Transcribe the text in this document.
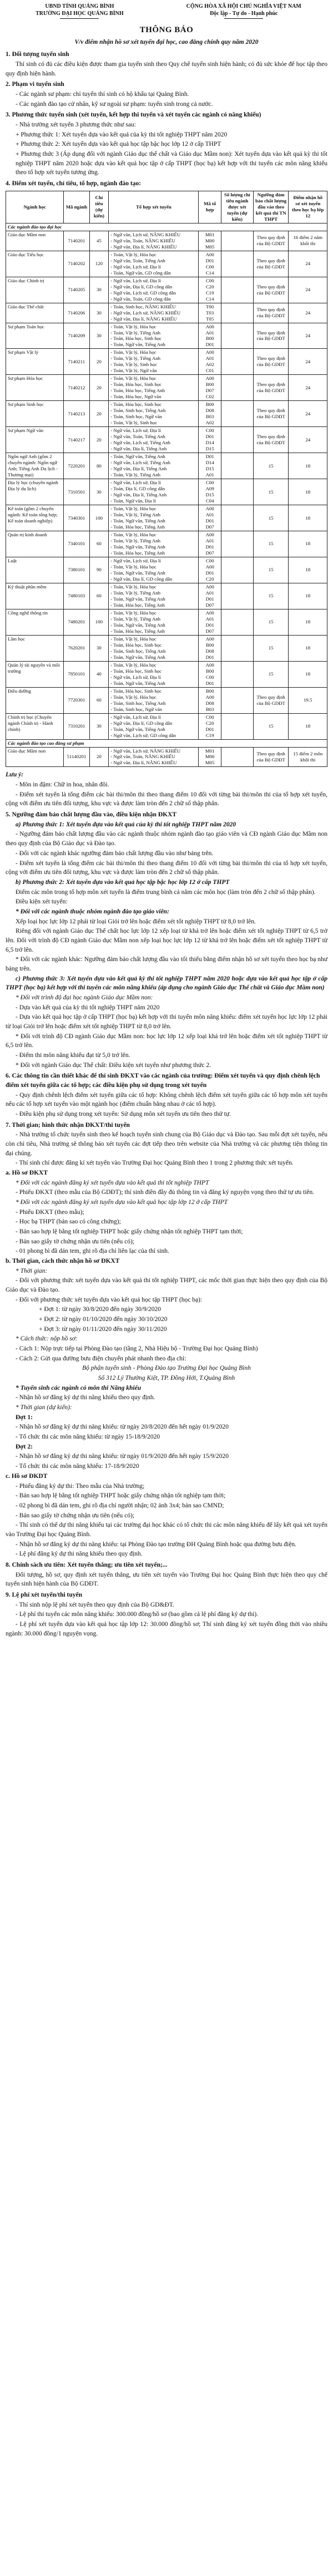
UBND TỈNH QUẢNG BÌNH
TRƯỜNG ĐẠI HỌC QUẢNG BÌNH
CỘNG HÒA XÃ HỘI CHỦ NGHĨA VIỆT NAM
Độc lập - Tự do - Hạnh phúc
THÔNG BÁO
V/v điểm nhận hồ sơ xét tuyển đại học, cao đẳng chính quy năm 2020
1. Đối tượng tuyển sinh

Thí sinh có đủ các điều kiện được tham gia tuyển sinh theo Quy chế tuyển sinh hiện hành; có đủ sức khỏe để học tập theo quy định hiện hành.

2. Phạm vi tuyển sinh

- Các ngành sư phạm: chỉ tuyển thí sinh có hộ khẩu tại Quảng Bình.

- Các ngành đào tạo cử nhân, kỹ sư ngoài sư phạm: tuyển sinh trong cả nước.

3. Phương thức tuyển sinh (xét tuyển, kết hợp thi tuyển và xét tuyển các ngành có năng khiếu)

- Nhà trường xét tuyển 3 phương thức như sau:

+ Phương thức 1: Xét tuyển dựa vào kết quả của kỳ thi tốt nghiệp THPT năm 2020

+ Phương thức 2: Xét tuyển dựa vào kết quả học tập bậc học lớp 12 ở cấp THPT

+ Phương thức 3 (Áp dụng đối với ngành Giáo dục thể chất và Giáo dục Mầm non): Xét tuyển dựa vào kết quả kỳ thi tốt nghiệp THPT năm 2020 hoặc dựa vào kết quả học tập ở cấp THPT (học bạ) kết hợp với thi tuyển các môn năng khiếu theo tổ hợp xét tuyển tương ứng.

4. Điểm xét tuyển, chỉ tiêu, tổ hợp, ngành đào tạo:
Ngành học	Mã ngành	Chỉ tiêu (dự kiến)	Tổ hợp xét tuyển	Mã tổ hợp	Số lượng chỉ tiêu ngành được xét tuyển (dự kiến)	Ngưỡng đảm bảo chất lượng đầu vào theo kết quả thi TN THPT	Điểm nhận hồ sơ xét tuyển theo học bạ lớp 12
Các ngành đào tạo đại học							
Giáo dục Mầm non	7140201	45	- Ngữ văn, Lịch sử, NĂNG KHIẾU
- Ngữ văn, Toán, NĂNG KHIẾU
- Ngữ văn, Địa lí, NĂNG KHIẾU	M01
M00
M05		Theo quy định của Bộ GDĐT	16 điểm 2 năm khối thi
Giáo dục Tiểu học	7140202	120	- Toán, Vật lý, Hóa học
- Ngữ văn, Toán, Tiếng Anh
- Ngữ văn, Lịch sử, Địa lí
- Toán, Ngữ văn, GD công dân	A00
D01
C00
C14		Theo quy định của Bộ GDĐT	24
Giáo dục Chính trị	7140205	30	- Ngữ văn, Lịch sử, Địa lí
- Ngữ văn, Địa lí, GD công dân
- Ngữ văn, Lịch sử, GD công dân
- Ngữ văn, Toán, GD công dân	C00
C20
C19
C14		Theo quy định của Bộ GDĐT	24
Giáo dục Thể chất	7140206	30	- Toán, Sinh học, NĂNG KHIẾU
- Ngữ văn, Lịch sử, NĂNG KHIẾU
- Ngữ văn, Địa lí, NĂNG KHIẾU	T00
T03
T05		Theo quy định của Bộ GDĐT	24
Sư phạm Toán học	7140209	30	- Toán, Vật lý, Hóa học
- Toán, Vật lý, Tiếng Anh
- Toán, Hóa học, Sinh học
- Toán, Ngữ văn, Tiếng Anh	A00
A01
B00
D01		Theo quy định của Bộ GDĐT	24
Sư phạm Vật lý	7140211	20	- Toán, Vật lý, Hóa học
- Toán, Vật lý, Tiếng Anh
- Toán, Vật lý, Sinh học
- Toán, Vật lý, Ngữ văn	A00
A01
A02
C01		Theo quy định của Bộ GDĐT	24
Sư phạm Hóa học	7140212	20	- Toán, Vật lý, Hóa học
- Toán, Hóa học, Sinh học
- Toán, Hóa học, Tiếng Anh
- Toán, Hóa học, Ngữ văn	A00
B00
D07
C02		Theo quy định của Bộ GDĐT	24
Sư phạm Sinh học	7140213	20	- Toán, Hóa học, Sinh học
- Toán, Sinh học, Tiếng Anh
- Toán, Sinh học, Ngữ văn
- Toán, Vật lý, Sinh học	B00
D08
B03
A02		Theo quy định của Bộ GDĐT	24
Sư phạm Ngữ văn	7140217	20	- Ngữ văn, Lịch sử, Địa lí
- Ngữ văn, Toán, Tiếng Anh
- Ngữ văn, Lịch sử, Tiếng Anh
- Ngữ văn, Địa lí, Tiếng Anh	C00
D01
D14
D15		Theo quy định của Bộ GDĐT	24
Ngôn ngữ Anh (gồm 2 chuyên ngành: Ngôn ngữ Anh; Tiếng Anh Du lịch - Thương mại)	7220201	80	- Toán, Ngữ văn, Tiếng Anh
- Ngữ văn, Lịch sử, Tiếng Anh
- Ngữ văn, Địa lí, Tiếng Anh
- Toán, Vật lý, Tiếng Anh	D01
D14
D15
A01		15	18
Địa lý học (chuyên ngành Địa lý du lịch)	7310501	30	- Ngữ văn, Lịch sử, Địa lí
- Toán, Địa lí, GD công dân
- Ngữ văn, Địa lí, Tiếng Anh
- Toán, Ngữ văn, Địa lí	C00
A09
D15
C04		15	18
Kế toán (gồm 2 chuyên ngành: Kế toán tổng hợp; Kế toán doanh nghiệp)	7340301	100	- Toán, Vật lý, Hóa học
- Toán, Vật lý, Tiếng Anh
- Toán, Ngữ văn, Tiếng Anh
- Toán, Hóa học, Tiếng Anh	A00
A01
D01
D07		15	18
Quản trị kinh doanh	7340101	60	- Toán, Vật lý, Hóa học
- Toán, Vật lý, Tiếng Anh
- Toán, Ngữ văn, Tiếng Anh
- Toán, Hóa học, Tiếng Anh	A00
A01
D01
D07		15	18
Luật	7380101	90	- Ngữ văn, Lịch sử, Địa lí
- Toán, Vật lý, Hóa học
- Toán, Ngữ văn, Tiếng Anh
- Ngữ văn, Địa lí, GD công dân	C00
A00
D01
C20		15	18
Kỹ thuật phần mềm	7480103	60	- Toán, Vật lý, Hóa học
- Toán, Vật lý, Tiếng Anh
- Toán, Ngữ văn, Tiếng Anh
- Toán, Hóa học, Tiếng Anh	A00
A01
D01
D07		15	18
Công nghệ thông tin	7480201	100	- Toán, Vật lý, Hóa học
- Toán, Vật lý, Tiếng Anh
- Toán, Ngữ văn, Tiếng Anh
- Toán, Hóa học, Tiếng Anh	A00
A01
D01
D07		15	18
Lâm học	7620201	30	- Toán, Vật lý, Hóa học
- Toán, Hóa học, Sinh học
- Toán, Sinh học, Tiếng Anh
- Toán, Ngữ văn, Tiếng Anh	A00
B00
D08
D01		15	18
Quản lý tài nguyên và môi trường	7850101	40	- Toán, Vật lý, Hóa học
- Toán, Hóa học, Sinh học
- Ngữ văn, Lịch sử, Địa lí
- Toán, Ngữ văn, Tiếng Anh	A00
B00
C00
D01		15	18
Điều dưỡng	7720301	60	- Toán, Hóa học, Sinh học
- Toán, Vật lý, Hóa học
- Toán, Sinh học, Tiếng Anh
- Toán, Sinh học, Ngữ văn	B00
A00
D08
B03		Theo quy định của Bộ GDĐT	19.5
Chính trị học (Chuyên ngành Chính trị - Hành chính)	7310201	30	- Ngữ văn, Lịch sử, Địa lí
- Ngữ văn, Địa lí, GD công dân
- Toán, Ngữ văn, Tiếng Anh
- Ngữ văn, Lịch sử, GD công dân	C00
C20
D01
C19		15	18
Các ngành đào tạo cao đẳng sư phạm							
Giáo dục Mầm non	51140201	20	- Ngữ văn, Lịch sử, NĂNG KHIẾU
- Ngữ văn, Toán, NĂNG KHIẾU
- Ngữ văn, Địa lí, NĂNG KHIẾU	M01
M00
M05		Theo quy định của Bộ GDĐT	15 điểm 2 môn khối thi

Lưu ý:

- Môn in đậm: Chữ in hoa, nhân đôi.

- Điểm xét tuyển là tổng điểm các bài thi/môn thi theo thang điểm 10 đối với từng bài thi/môn thi của tổ hợp xét tuyển, cộng với điểm ưu tiên đối tượng, khu vực và được làm tròn đến 2 chữ số thập phân.

5. Ngưỡng đảm bảo chất lượng đầu vào, điều kiện nhận ĐKXT

a) Phương thức 1: Xét tuyển dựa vào kết quả của kỳ thi tốt nghiệp THPT năm 2020

- Ngưỡng đảm bảo chất lượng đầu vào các ngành thuộc nhóm ngành đào tạo giáo viên và CĐ ngành Giáo dục Mầm non theo quy định của Bộ Giáo dục và Đào tạo.

- Đối với các ngành khác ngưỡng đảm bảo chất lượng đầu vào như bảng trên.

- Điểm xét tuyển là tổng điểm các bài thi/môn thi theo thang điểm 10 đối với từng bài thi/môn thi của tổ hợp xét tuyển, cộng với điểm ưu tiên đối tượng, khu vực và được làm tròn đến 2 chữ số thập phân.

b) Phương thức 2: Xét tuyển dựa vào kết quả học tập bậc học lớp 12 ở cấp THPT

Điểm các môn trong tổ hợp môn xét tuyển là điểm trung bình cả năm các môn học (làm tròn đến 2 chữ số thập phân).

Điều kiện xét tuyển:

* Đối với các ngành thuộc nhóm ngành đào tạo giáo viên:

Xếp loại học lực lớp 12 phải từ loại Giỏi trở lên hoặc điểm xét tốt nghiệp THPT từ 8,0 trở lên.

Riêng đối với ngành Giáo dục Thể chất học lực lớp 12 xếp loại từ khá trở lên hoặc điểm xét tốt nghiệp THPT từ 6,5 trở lên. Đối với trình độ CĐ ngành Giáo dục Mầm non xếp loại học lực lớp 12 từ khá trở lên hoặc điểm xét tốt nghiệp THPT từ 6,5 trở lên.

* Đối với các ngành khác: Ngưỡng đảm bảo chất lượng đầu vào tối thiểu bằng điểm nhận hồ sơ xét tuyển theo học bạ như bảng trên.

c) Phương thức 3: Xét tuyển dựa vào kết quả kỳ thi tốt nghiệp THPT năm 2020 hoặc dựa vào kết quả học tập ở cấp THPT (học bạ) kết hợp với thi tuyển các môn năng khiếu (áp dụng cho ngành Giáo dục Thể chất và Giáo dục Mầm non)

* Đối với trình độ đại học ngành Giáo dục Mầm non:

- Dựa vào kết quả của kỳ thi tốt nghiệp THPT năm 2020

- Dựa vào kết quả học tập ở cấp THPT (học bạ) kết hợp với thi tuyển môn năng khiếu: điểm xét tuyển học lực lớp 12 phải từ loại Giỏi trở lên hoặc điểm xét tốt nghiệp THPT từ 8,0 trở lên.

* Đối với trình độ CĐ ngành Giáo dục Mầm non: học lực lớp 12 xếp loại khá trở lên hoặc điểm xét tốt nghiệp THPT từ 6,5 trở lên.

- Điểm thi môn năng khiếu đạt từ 5,0 trở lên.

* Đối với ngành Giáo dục Thể chất: Điều kiện xét tuyển như phương thức 2.

6. Các thông tin cần thiết khác để thí sinh ĐKXT vào các ngành của trường: Điểm xét tuyển và quy định chênh lệch điểm xét tuyển giữa các tổ hợp; các điều kiện phụ sử dụng trong xét tuyển

- Quy định chênh lệch điểm xét tuyển giữa các tổ hợp: Không chênh lệch điểm xét tuyển giữa các tổ hợp môn xét tuyển nếu các tổ hợp xét tuyển vào một ngành học (điểm chuẩn bằng nhau ở các tổ hợp).

- Điều kiện phụ sử dụng trong xét tuyển: Sử dụng môn xét tuyển ưu tiên theo thứ tự.

7. Thời gian; hình thức nhận ĐKXT/thi tuyển

- Nhà trường tổ chức tuyển sinh theo kế hoạch tuyển sinh chung của Bộ Giáo dục và Đào tạo. Sau mỗi đợt xét tuyển, nếu còn chỉ tiêu, Nhà trường sẽ thông báo xét tuyển các đợt tiếp theo trên website của Nhà trường và các phương tiện thông tin đại chúng.

- Thí sinh chỉ được đăng kí xét tuyển vào Trường Đại học Quảng Bình theo 1 trong 2 phương thức xét tuyển.

a. Hồ sơ ĐKXT

* Đối với các ngành đăng ký xét tuyển dựa vào kết quả thi tốt nghiệp THPT

- Phiếu ĐKXT (theo mẫu của Bộ GDĐT); thí sinh điền đầy đủ thông tin và đăng ký nguyện vọng theo thứ tự ưu tiên.

* Đối với các ngành đăng ký xét tuyển dựa vào kết quả học tập lớp 12 ở cấp THPT

- Phiếu ĐKXT (theo mẫu);

- Học bạ THPT (bản sao có công chứng);

- Bản sao hợp lệ bằng tốt nghiệp THPT hoặc giấy chứng nhận tốt nghiệp THPT tạm thời;

- Bản sao giấy tờ chứng nhận ưu tiên (nếu có);

- 01 phong bì đã dán tem, ghi rõ địa chỉ liên lạc của thí sinh.

b. Thời gian, cách thức nhận hồ sơ ĐKXT

* Thời gian:

- Đối với phương thức xét tuyển dựa vào kết quả thi tốt nghiệp THPT, các mốc thời gian thực hiện theo quy định của Bộ Giáo dục và Đào tạo.

- Đối với phương thức xét tuyển dựa vào kết quả học tập THPT (học bạ):

+ Đợt 1: từ ngày 30/8/2020 đến ngày 30/9/2020

+ Đợt 2: từ ngày 01/10/2020 đến ngày 30/10/2020

+ Đợt 3: từ ngày 01/11/2020 đến ngày 30/11/2020

* Cách thức: nộp hồ sơ:

- Cách 1: Nộp trực tiếp tại Phòng Đào tạo (tầng 2, Nhà Hiệu bộ - Trường Đại học Quảng Bình)

- Cách 2: Gửi qua đường bưu điện chuyển phát nhanh theo địa chỉ:

Bộ phận tuyển sinh - Phòng Đào tạo Trường Đại học Quảng Bình

Số 312 Lý Thường Kiệt, TP. Đồng Hới, T.Quảng Bình

* Tuyển sinh các ngành có môn thi Năng khiếu

- Nhận hồ sơ đăng ký dự thi năng khiếu theo quy định.

* Thời gian (dự kiến):

Đợt 1:

- Nhận hồ sơ đăng ký dự thi năng khiếu: từ ngày 20/8/2020 đến hết ngày 01/9/2020

- Tổ chức thi các môn năng khiếu: từ ngày 15-18/9/2020

Đợt 2:

- Nhận hồ sơ đăng ký dự thi năng khiếu: từ ngày 01/9/2020 đến hết ngày 15/9/2020

- Tổ chức thi các môn năng khiếu: 17-18/9/2020

c. Hồ sơ ĐKDT

- Phiếu đăng ký dự thi: Theo mẫu của Nhà trường;

- Bản sao hợp lệ bằng tốt nghiệp THPT hoặc giấy chứng nhận tốt nghiệp tạm thời;

- 02 phong bì đã dán tem, ghi rõ địa chỉ người nhận; 02 ảnh 3x4; bản sao CMND;

- Bản sao giấy tờ chứng nhận ưu tiên (nếu có);

- Thí sinh có thể dự thi năng khiếu tại các trường đại học khác có tổ chức thi các môn năng khiếu để lấy kết quả xét tuyển vào Trường Đại học Quảng Bình.

- Nhận hồ sơ đăng ký dự thi năng khiếu: tại Phòng Đào tạo trường ĐH Quảng Bình hoặc qua đường bưu điện.

- Lệ phí đăng ký dự thi năng khiếu theo quy định.

8. Chính sách ưu tiên: Xét tuyển thẳng; ưu tiên xét tuyển;...

Đối tượng, hồ sơ, quy định xét tuyển thẳng, ưu tiên xét tuyển vào Trường Đại học Quảng Bình thực hiện theo quy chế tuyển sinh hiện hành của Bộ GDĐT.

9. Lệ phí xét tuyển/thi tuyển

- Thí sinh nộp lệ phí xét tuyển theo quy định của Bộ GD&ĐT.

- Lệ phí thi tuyển các môn năng khiếu: 300.000 đồng/hồ sơ (bao gồm cả lệ phí đăng ký dự thi).

- Lệ phí xét tuyển dựa vào kết quả học tập lớp 12: 30.000 đồng/hồ sơ; Thí sinh đăng ký xét tuyển đồng thời vào nhiều ngành: 30.000 đồng/1 nguyện vọng.
